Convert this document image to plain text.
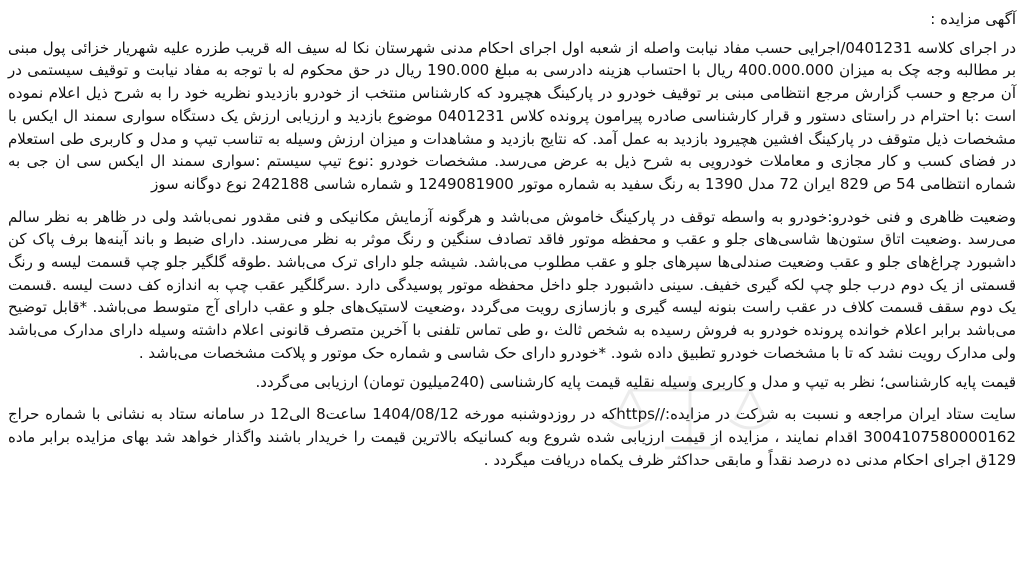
آگهی مزایده :

در اجرای کلاسه 0401231/اجرایی حسب مفاد نیابت واصله از شعبه اول اجرای احکام مدنی شهرستان نکا له سیف اله قریب طزره علیه شهریار خزائی پول مبنی بر مطالبه وجه چک به میزان 400.000.000 ریال با احتساب هزینه دادرسی به مبلغ 190.000 ریال در حق محکوم له با توجه به مفاد نیابت و توقیف سیستمی در آن مرجع و حسب گزارش مرجع انتظامی مبنی بر توقیف خودرو در پارکینگ هچیرود که کارشناس منتخب از خودرو بازدیدو نظریه خود را به شرح ذیل اعلام نموده است :با احترام در راستای دستور و قرار کارشناسی صادره پیرامون پرونده کلاس 0401231 موضوع بازدید و ارزیابی ارزش یک دستگاه سواری سمند ال ایکس با مشخصات ذیل متوقف در پارکینگ افشین هچیرود بازدید به عمل آمد. که نتایج بازدید و مشاهدات و میزان ارزش وسیله به تناسب تیپ و مدل و کاربری طی استعلام در فضای کسب و کار مجازی و معاملات خودرویی به شرح ذیل به عرض می‌رسد. مشخصات خودرو :نوع تیپ سیستم :سواری سمند ال ایکس سی ان جی به شماره انتظامی 54 ص 829 ایران 72 مدل 1390 به رنگ سفید به شماره موتور 1249081900 و شماره شاسی 242188 نوع دوگانه سوز

وضعیت ظاهری و فنی خودرو:خودرو به واسطه توقف در پارکینگ خاموش می‌باشد و هرگونه آزمایش مکانیکی و فنی مقدور نمی‌باشد ولی در ظاهر به نظر سالم می‌رسد .وضعیت اتاق ستون‌ها شاسی‌های جلو و عقب و محفظه موتور فاقد تصادف سنگین و رنگ موثر به نظر می‌رسند. دارای ضبط و باند آینه‌ها برف پاک کن داشبورد چراغ‌های جلو و عقب وضعیت صندلی‌ها سپرهای جلو و عقب مطلوب می‌باشد. شیشه جلو دارای ترک می‌باشد .طوقه گلگیر جلو چپ قسمت لیسه و رنگ قسمتی از یک دوم درب جلو چپ لکه گیری خفیف. سینی داشبورد جلو داخل محفظه موتور پوسیدگی دارد .سرگلگیر عقب چپ به اندازه کف دست لیسه .قسمت یک دوم سقف قسمت کلاف در عقب راست بنونه لیسه گیری و بازسازی رویت می‌گردد ،وضعیت لاستیک‌های جلو و عقب دارای آج متوسط می‌باشد. *قابل توضیح می‌باشد برابر اعلام خوانده پرونده خودرو به فروش رسیده به شخص ثالث ،و طی تماس تلفنی با آخرین متصرف قانونی اعلام داشته وسیله دارای مدارک می‌باشد ولی مدارک رویت نشد که تا با مشخصات خودرو تطبیق داده شود. *خودرو دارای حک شاسی و شماره حک موتور و پلاکت مشخصات می‌باشد .

قیمت پایه کارشناسی؛ نظر به تیپ و مدل و کاربری وسیله نقلیه قیمت پایه کارشناسی (240میلیون تومان) ارزیابی می‌گردد.

سایت ستاد ایران مراجعه و نسبت به شرکت در مزایده://httpsکه در روزدوشنبه مورخه 1404/08/12 ساعت8 الی12 در سامانه ستاد به نشانی با شماره حراج 3004107580000162 اقدام نمایند ، مزایده از قیمت ارزیابی شده شروع وبه کسانیکه بالاترین قیمت را خریدار باشند واگذار خواهد شد بهای مزایده برابر ماده 129ق اجرای احکام مدنی ده درصد نقداً و مابقی حداکثر ظرف یکماه دریافت میگردد .
